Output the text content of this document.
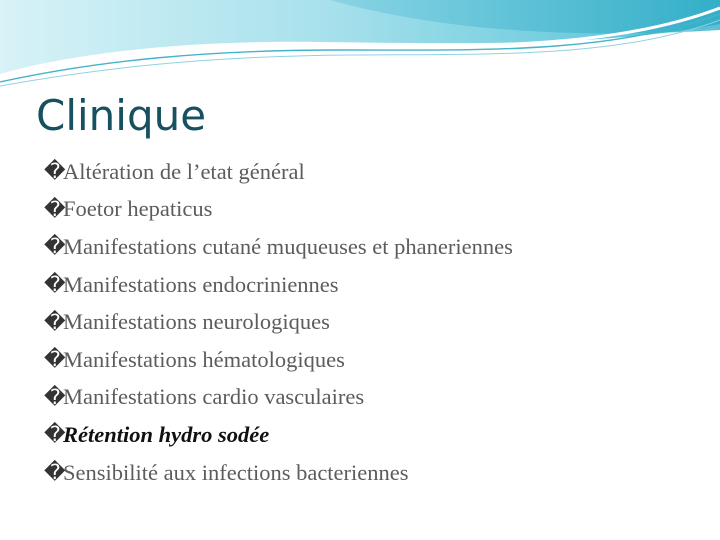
Clinique
�
Altération de l’etat général
�
Foetor hepaticus
�
Manifestations cutané muqueuses et phaneriennes
�
Manifestations endocriniennes
�
Manifestations neurologiques
�
Manifestations hématologiques
�
Manifestations cardio vasculaires
�
Rétention hydro sodée
�
Sensibilité aux infections bacteriennes
